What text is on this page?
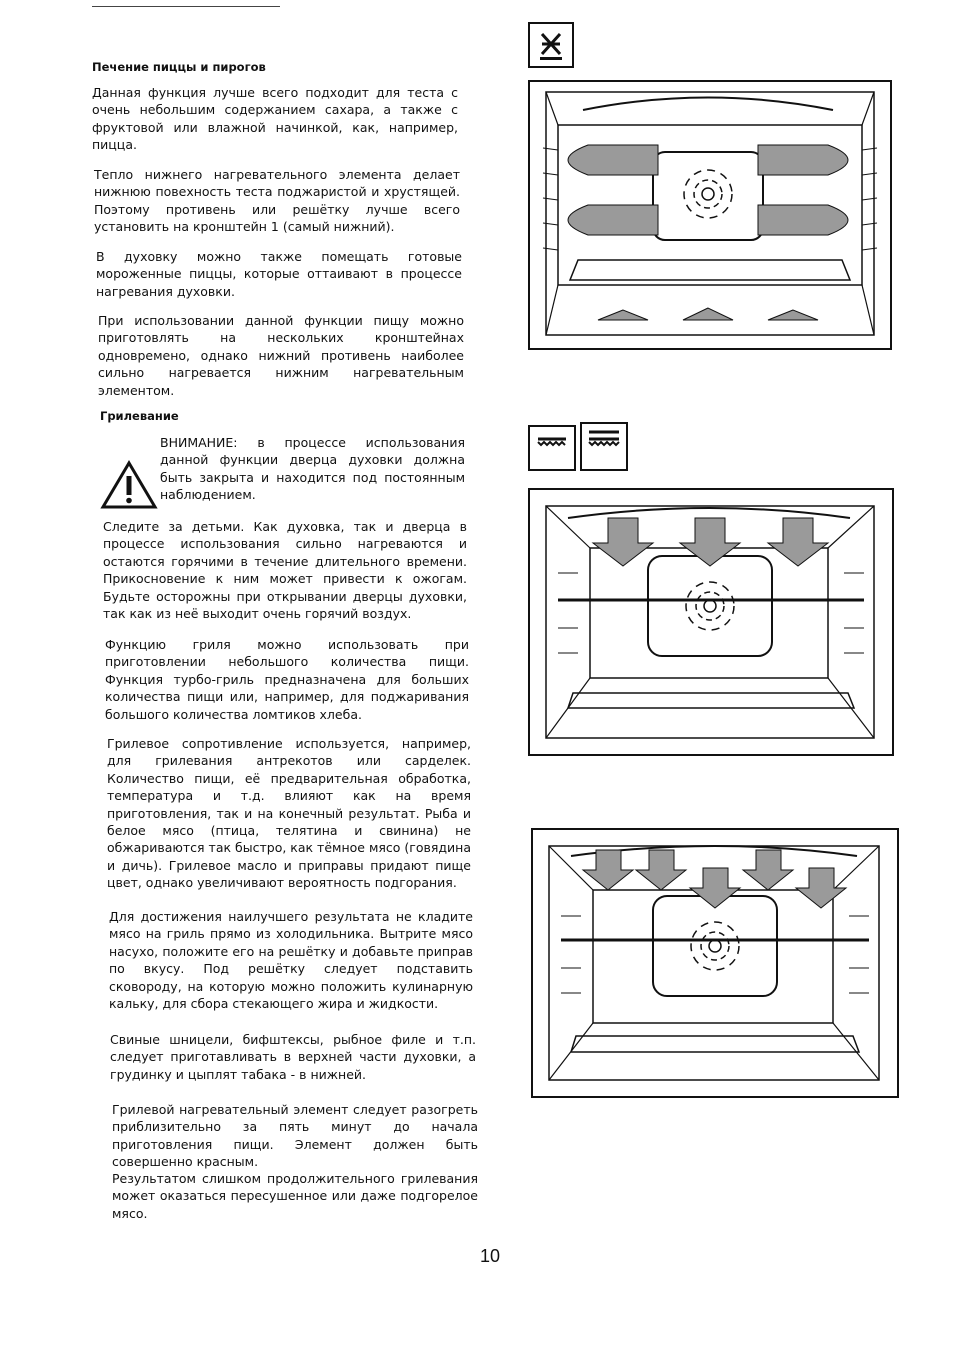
Печение пиццы и пирогов

Данная функция лучше всего подходит для теста с очень небольшим содержанием сахара, а также с фруктовой или влажной начинкой, как, например, пицца.

Тепло нижнего нагревательного элемента делает нижнюю повехность теста поджаристой и хрустящей. Поэтому противень или решётку лучше всего установить на кронштейн 1 (самый нижний).

В духовку можно также помещать готовые мороженные пиццы, которые оттаивают в процессе нагревания духовки.

При использовании данной функции пищу можно приготовлять на нескольких кронштейнах одновремено, однако нижний противень наиболее сильно нагревается нижним нагревательным элементом.

Грилевание

ВНИМАНИЕ: в процессе использования данной функции дверца духовки должна быть закрыта и находится под постоянным наблюдением.

Следите за детьми. Как духовка, так и дверца в процессе использования сильно нагреваются и остаются горячими в течение длительного времени. Прикосновение к ним может привести к ожогам. Будьте осторожны при открывании дверцы духовки, так как из неё выходит очень горячий воздух.

Функцию гриля можно использовать при приготовлении небольшого количества пищи. Функция турбо-гриль предназначена для больших количества пищи или, например, для поджаривания большого количества ломтиков хлеба.

Грилевое сопротивление используется, например, для грилевания антрекотов или сарделек. Количество пищи, её предварительная обработка, температура и т.д. влияют как на время приготовления, так и на конечный результат. Рыба и белое мясо (птица, телятина и свинина) не обжариваются так быстро, как тёмное мясо (говядина и дичь). Грилевое масло и приправы придают пище цвет, однако увеличивают вероятность подгорания.

Для достижения наилучшего результата не кладите мясо на гриль прямо из холодильника. Вытрите мясо насухо, положите его на решётку и добавьте приправ по вкусу. Под решётку следует подставить сковороду, на которую можно положить кулинарную кальку, для сбора стекающего жира и жидкости.

Свиные шницели, бифштексы, рыбное филе и т.п. следует приготавливать в верхней части духовки, а грудинку и цыплят табака - в нижней.

Грилевой нагревательный элемент следует разогреть приблизительно за пять минут до начала приготовления пищи. Элемент должен быть совершенно красным.

Результатом слишком продолжительного грилевания может оказаться пересушенное или даже подгорелое мясо.

10
